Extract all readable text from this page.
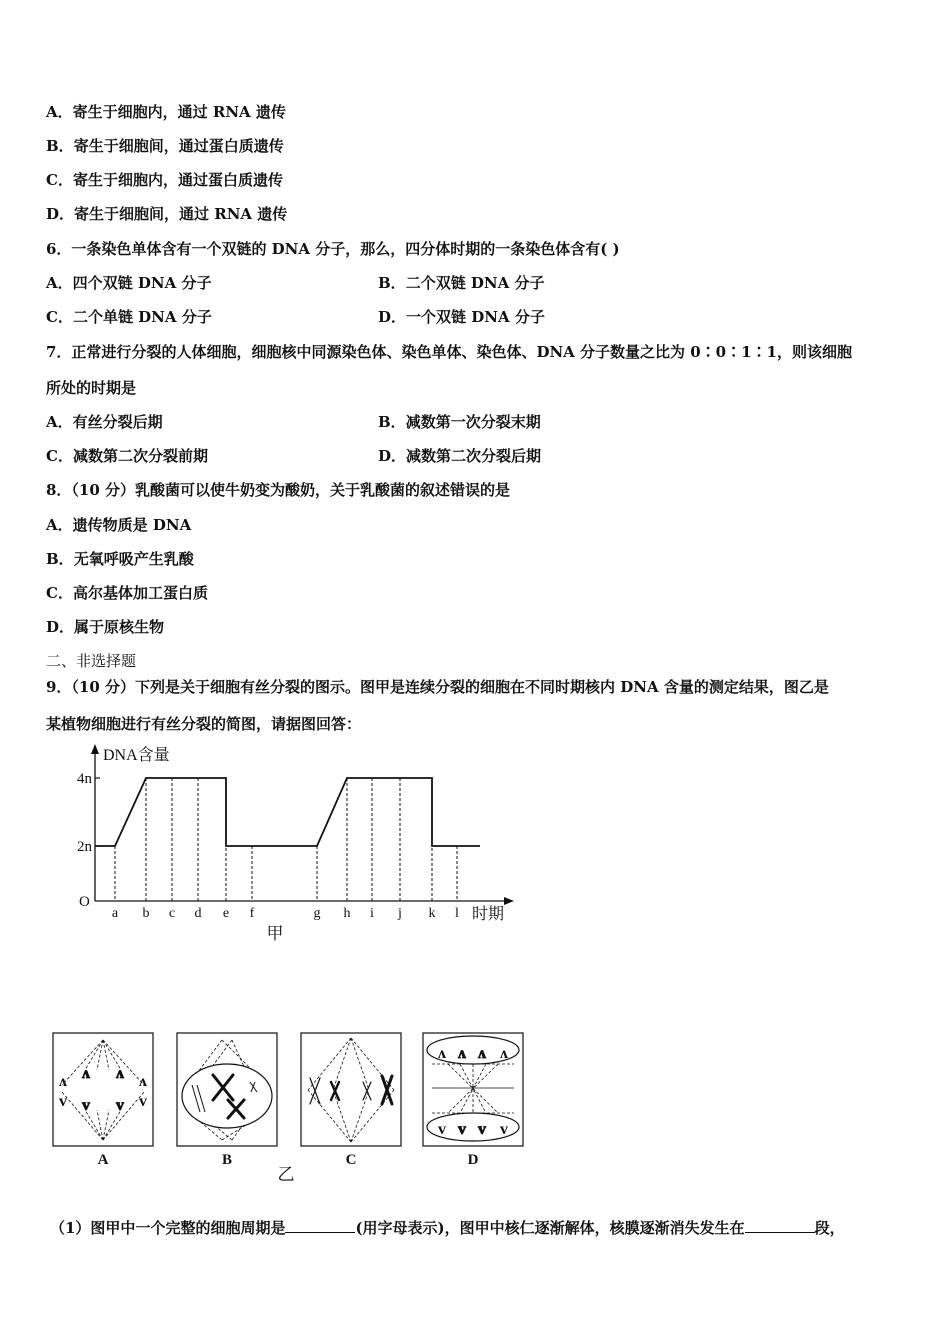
A．寄生于细胞内，通过 RNA 遗传
B．寄生于细胞间，通过蛋白质遗传
C．寄生于细胞内，通过蛋白质遗传
D．寄生于细胞间，通过 RNA 遗传
6．一条染色单体含有一个双链的 DNA 分子，那么，四分体时期的一条染色体含有( )
A．四个双链 DNA 分子	B．二个双链 DNA 分子
C．二个单链 DNA 分子	D．一个双链 DNA 分子
7．正常进行分裂的人体细胞，细胞核中同源染色体、染色单体、染色体、DNA 分子数量之比为 0∶0∶1∶1，则该细胞
所处的时期是
A．有丝分裂后期	B．减数第一次分裂末期
C．减数第二次分裂前期	D．减数第二次分裂后期
8．（10 分）乳酸菌可以使牛奶变为酸奶，关于乳酸菌的叙述错误的是
A．遗传物质是 DNA
B．无氧呼吸产生乳酸
C．高尔基体加工蛋白质
D．属于原核生物
二、非选择题
9．（10 分）下列是关于细胞有丝分裂的图示。图甲是连续分裂的细胞在不同时期核内 DNA 含量的测定结果，图乙是
某植物细胞进行有丝分裂的简图，请据图回答：
a b c d e f	g h i j k l
2n
4n
O
DNA含量
时期
甲
ᴧ	ᴧ
ᴧ ᴧ
v	v
v v
ᴧ ᴧ ᴧ ᴧ
v v v v
A	B	C	D
乙
（1）图甲中一个完整的细胞周期是	(用字母表示)，图甲中核仁逐渐解体，核膜逐渐消失发生在	段，
